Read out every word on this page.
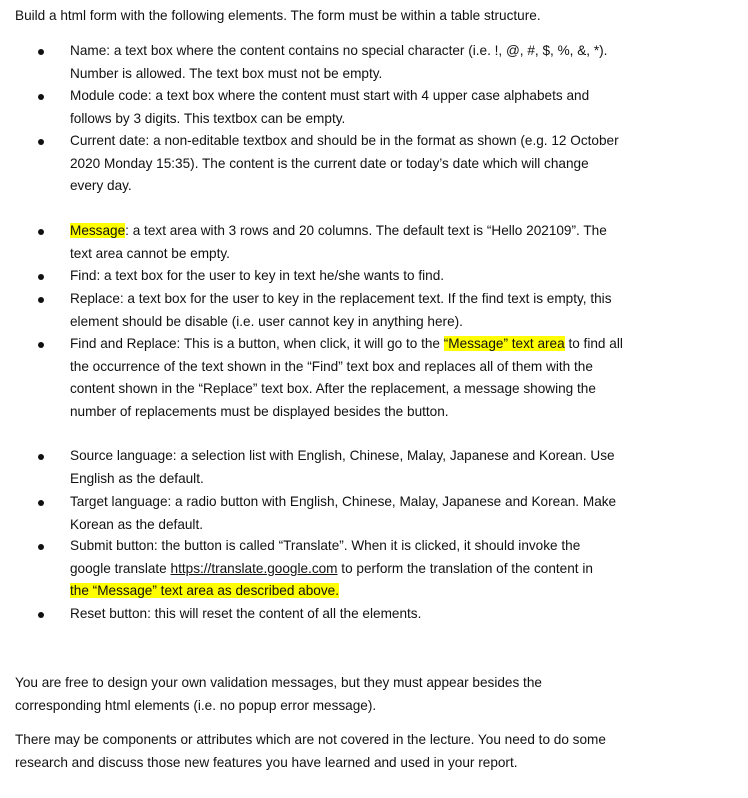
Build a html form with the following elements. The form must be within a table structure.
Name: a text box where the content contains no special character (i.e. !, @, #, $, %, &, *).
Number is allowed. The text box must not be empty.
Module code: a text box where the content must start with 4 upper case alphabets and
follows by 3 digits. This textbox can be empty.
Current date: a non-editable textbox and should be in the format as shown (e.g. 12 October
2020 Monday 15:35). The content is the current date or today’s date which will change
every day.
Message: a text area with 3 rows and 20 columns. The default text is “Hello 202109”. The
text area cannot be empty.
Find: a text box for the user to key in text he/she wants to find.
Replace: a text box for the user to key in the replacement text. If the find text is empty, this
element should be disable (i.e. user cannot key in anything here).
Find and Replace: This is a button, when click, it will go to the “Message” text area to find all
the occurrence of the text shown in the “Find” text box and replaces all of them with the
content shown in the “Replace” text box. After the replacement, a message showing the
number of replacements must be displayed besides the button.
Source language: a selection list with English, Chinese, Malay, Japanese and Korean. Use
English as the default.
Target language: a radio button with English, Chinese, Malay, Japanese and Korean. Make
Korean as the default.
Submit button: the button is called “Translate”. When it is clicked, it should invoke the
google translate https://translate.google.com to perform the translation of the content in
the “Message” text area as described above.
Reset button: this will reset the content of all the elements.
You are free to design your own validation messages, but they must appear besides the
corresponding html elements (i.e. no popup error message).
There may be components or attributes which are not covered in the lecture. You need to do some
research and discuss those new features you have learned and used in your report.
